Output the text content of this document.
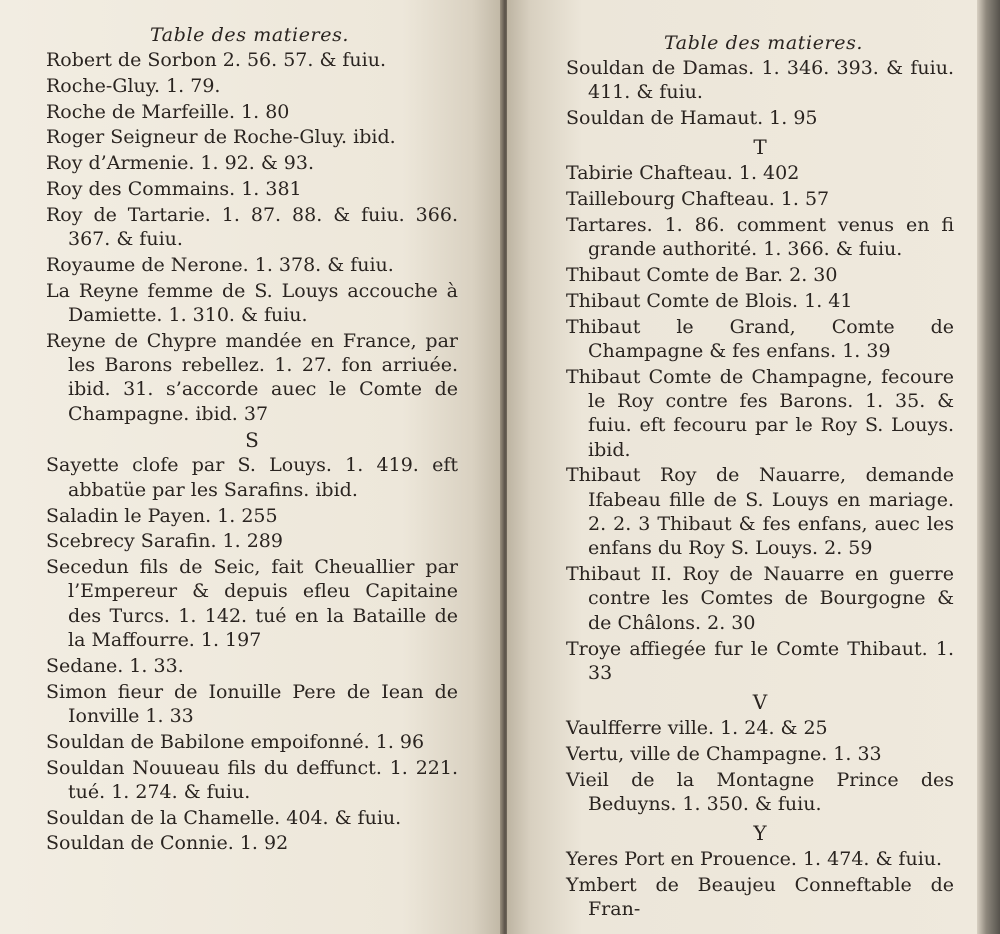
Table des matieres.

Robert de Sorbon 2. 56. 57. & fuiu.

Roche-Gluy. 1. 79.

Roche de Marfeille. 1. 80

Roger Seigneur de Roche-Gluy. ibid.

Roy d’Armenie. 1. 92. & 93.

Roy des Commains. 1. 381

Roy de Tartarie. 1. 87. 88. & fuiu. 366. 367. & fuiu.

Royaume de Nerone. 1. 378. & fuiu.

La Reyne femme de S. Louys accouche à Damiette. 1. 310. & fuiu.

Reyne de Chypre mandée en France, par les Barons rebellez. 1. 27. fon arriuée. ibid. 31. s’accorde auec le Comte de Champagne. ibid. 37

S

Sayette clofe par S. Louys. 1. 419. eft abbatüe par les Sarafins. ibid.

Saladin le Payen. 1. 255

Scebrecy Sarafin. 1. 289

Secedun fils de Seic, fait Cheuallier par l’Empereur & depuis efleu Capitaine des Turcs. 1. 142. tué en la Bataille de la Maffourre. 1. 197

Sedane. 1. 33.

Simon fieur de Ionuille Pere de Iean de Ionville 1. 33

Souldan de Babilone empoifonné. 1. 96

Souldan Nouueau fils du deffunct. 1. 221. tué. 1. 274. & fuiu.

Souldan de la Chamelle. 404. & fuiu.

Souldan de Connie. 1. 92

Table des matieres.

Souldan de Damas. 1. 346. 393. & fuiu. 411. & fuiu.

Souldan de Hamaut. 1. 95

T

Tabirie Chafteau. 1. 402

Taillebourg Chafteau. 1. 57

Tartares. 1. 86. comment venus en fi grande authorité. 1. 366. & fuiu.

Thibaut Comte de Bar. 2. 30

Thibaut Comte de Blois. 1. 41

Thibaut le Grand, Comte de Champagne & fes enfans. 1. 39

Thibaut Comte de Champagne, fecoure le Roy contre fes Barons. 1. 35. & fuiu. eft fecouru par le Roy S. Louys. ibid.

Thibaut Roy de Nauarre, demande Ifabeau fille de S. Louys en mariage. 2. 2. 3 Thibaut & fes enfans, auec les enfans du Roy S. Louys. 2. 59

Thibaut II. Roy de Nauarre en guerre contre les Comtes de Bourgogne & de Châlons. 2. 30

Troye affiegée fur le Comte Thibaut. 1. 33

V

Vaulfferre ville. 1. 24. & 25

Vertu, ville de Champagne. 1. 33

Vieil de la Montagne Prince des Beduyns. 1. 350. & fuiu.

Y

Yeres Port en Prouence. 1. 474. & fuiu.

Ymbert de Beaujeu Conneftable de Fran-
